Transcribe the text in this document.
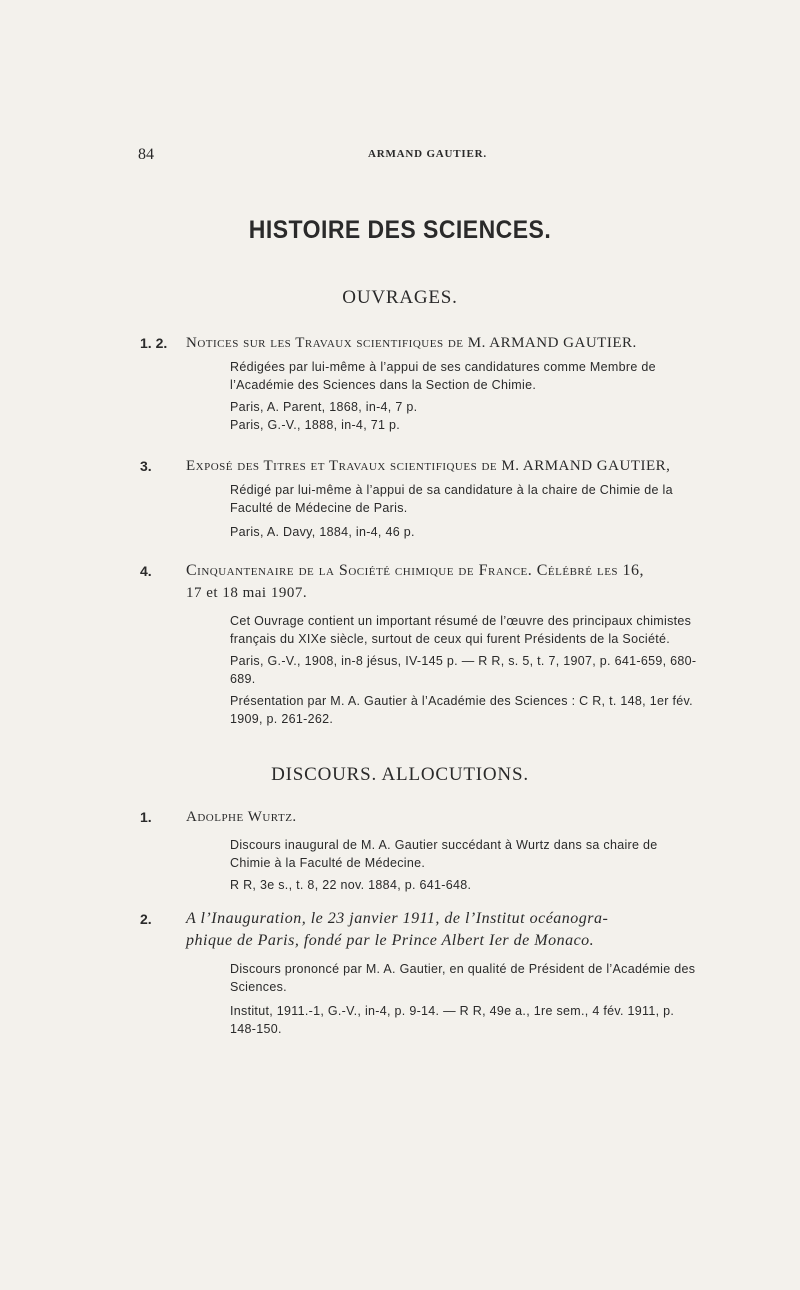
84	ARMAND GAUTIER.
HISTOIRE DES SCIENCES.
OUVRAGES.
1. 2. Notices sur les Travaux scientifiques de M. ARMAND GAUTIER.

Rédigées par lui-même à l’appui de ses candidatures comme Membre de l’Académie des Sciences dans la Section de Chimie.

Paris, A. Parent, 1868, in-4, 7 p.

Paris, G.-V., 1888, in-4, 71 p.

3. Exposé des Titres et Travaux scientifiques de M. ARMAND GAUTIER,

Rédigé par lui-même à l’appui de sa candidature à la chaire de Chimie de la Faculté de Médecine de Paris.

Paris, A. Davy, 1884, in-4, 46 p.

4. Cinquantenaire de la Société chimique de France. Célébré les 16,
17 et 18 mai 1907.

Cet Ouvrage contient un important résumé de l’œuvre des principaux chimistes français du XIXe siècle, surtout de ceux qui furent Présidents de la Société.

Paris, G.-V., 1908, in-8 jésus, IV-145 p. — R R, s. 5, t. 7, 1907, p. 641-659, 680-689.

Présentation par M. A. Gautier à l’Académie des Sciences : C R, t. 148, 1er fév. 1909, p. 261-262.

DISCOURS. ALLOCUTIONS.
1. Adolphe Wurtz.

Discours inaugural de M. A. Gautier succédant à Wurtz dans sa chaire de Chimie à la Faculté de Médecine.

R R, 3e s., t. 8, 22 nov. 1884, p. 641-648.

2. A l’Inauguration, le 23 janvier 1911, de l’Institut océanogra-
phique de Paris, fondé par le Prince Albert Ier de Monaco.

Discours prononcé par M. A. Gautier, en qualité de Président de l’Académie des Sciences.

Institut, 1911.-1, G.-V., in-4, p. 9-14. — R R, 49e a., 1re sem., 4 fév. 1911, p. 148-150.
